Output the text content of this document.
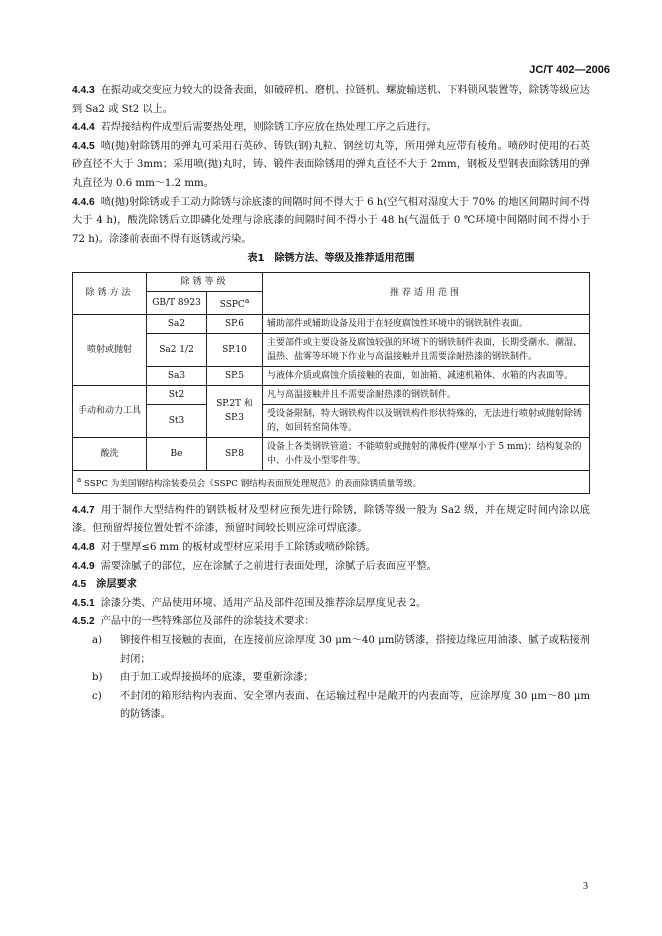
JC/T 402—2006

4.4.3 在振动或交变应力较大的设备表面，如破碎机、磨机、拉链机、螺旋输送机、下料锁风装置等，除锈等级应达到 Sa2 或 St2 以上。

4.4.4 若焊接结构件成型后需要热处理，则除锈工序应放在热处理工序之后进行。

4.4.5 喷(抛)射除锈用的弹丸可采用石英砂、铸铁(钢)丸粒、钢丝切丸等，所用弹丸应带有棱角。喷砂时使用的石英砂直径不大于 3mm；采用喷(抛)丸时，铸、锻件表面除锈用的弹丸直径不大于 2mm，钢板及型钢表面除锈用的弹丸直径为 0.6 mm～1.2 mm。

4.4.6 喷(抛)射除锈或手工动力除锈与涂底漆的间隔时间不得大于 6 h(空气相对湿度大于 70% 的地区间隔时间不得大于 4 h)，酸洗除锈后立即磷化处理与涂底漆的间隔时间不得小于 48 h(气温低于 0 ℃环境中间隔时间不得小于 72 h)。涂漆前表面不得有返锈或污染。

表1　除锈方法、等级及推荐适用范围
除锈方法	除锈等级		推荐适用范围
	GB/T 8923	SSPC$^a$
喷射或抛射	Sa2	SP.6	辅助部件或辅助设备及用于在轻度腐蚀性环境中的钢铁制件表面。
	Sa2 1/2	SP.10	主要部件或主要设备及腐蚀较强的环境下的钢铁制件表面，长期受潮水、潮湿、温热、盐雾等环境下作业与高温接触并且需要涂耐热漆的钢铁制件。
	Sa3	SP.5	与液体介质或腐蚀介质接触的表面，如油箱、减速机箱体、水箱的内表面等。
手动和动力工具	St2	SP.2T 和 SP.3	凡与高温接触并且不需要涂耐热漆的钢铁制件。
	St3		受设备限制，特大钢铁构件以及钢铁构件形状特殊的，无法进行喷射或抛射除锈的，如回转窑筒体等。
酸洗	Be	SP.8	设备上各类钢铁管道；不能喷射或抛射的薄板件(壁厚小于 5 mm)；结构复杂的中、小件及小型零件等。
$^a$ SSPC 为美国钢结构涂装委员会《SSPC 钢结构表面预处理规范》的表面除锈质量等级。			

4.4.7 用于制作大型结构件的钢铁板材及型材应预先进行除锈，除锈等级一般为 Sa2 级，并在规定时间内涂以底漆。但预留焊接位置处暂不涂漆，预留时间较长则应涂可焊底漆。

4.4.8 对于壁厚≤6 mm 的板材或型材应采用手工除锈或喷砂除锈。

4.4.9 需要涂腻子的部位，应在涂腻子之前进行表面处理，涂腻子后表面应平整。

4.5 涂层要求

4.5.1 涂漆分类、产品使用环境、适用产品及部件范围及推荐涂层厚度见表 2。

4.5.2 产品中的一些特殊部位及部件的涂装技术要求：

a) 铆接件相互接触的表面，在连接前应涂厚度 30 μm～40 μm防锈漆，搭接边缘应用油漆、腻子或粘接剂封闭；

b) 由于加工或焊接损坏的底漆，要重新涂漆；

c) 不封闭的箱形结构内表面、安全罩内表面、在运输过程中是敞开的内表面等，应涂厚度 30 μm～80 μm的防锈漆。

3
